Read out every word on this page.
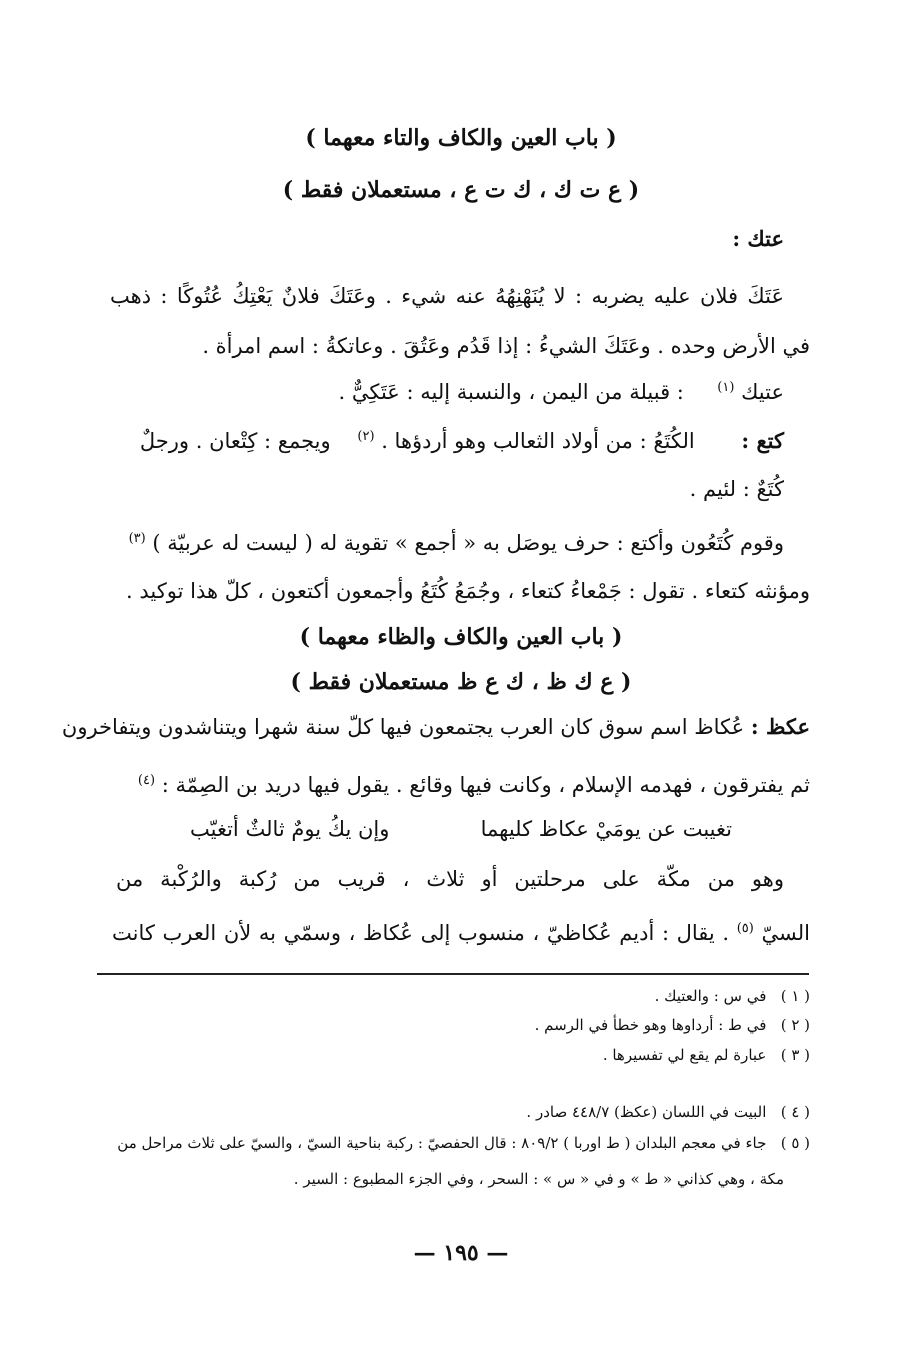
( باب العين والكاف والتاء معهما )
( ع ت ك ، ك ت ع ، مستعملان فقط )
عتك :
عَتَكَ فلان عليه يضربه : لا يُنَهْنِهُهُ عنه شيء . وعَتَكَ فلانٌ يَعْتِكُ عُتُوكًا : ذهب
في الأرض وحده . وعَتَكَ الشيءُ : إذا قَدُم وعَتُقَ . وعاتكةُ : اسم امرأة .
عتيك $^{(١)}$     : قبيلة من اليمن ، والنسبة إليه : عَتَكِيٌّ .
كتع :       الكُتَعُ : من أولاد الثعالب وهو أردؤها . $^{(٢)}$    ويجمع : كِتْعان . ورجلٌ
كُتَعٌ : لئيم .
وقوم كُتَعُون وأكتع : حرف يوصَل به « أجمع » تقوية له ( ليست له عربيّة ) $^{(٣)}$
ومؤنثه كتعاء . تقول : جَمْعاءُ كتعاء ، وجُمَعُ كُتَعُ وأجمعون أكتعون ، كلّ هذا توكيد .
( باب العين والكاف والظاء معهما )
( ع ك ظ ، ك ع ظ مستعملان فقط )
عكظ : عُكاظ اسم سوق كان العرب يجتمعون فيها كلّ سنة شهرا ويتناشدون ويتفاخرون
ثم يفترقون ، فهدمه الإسلام ، وكانت فيها وقائع . يقول فيها دريد بن الصِمّة : $^{(٤)}$
تغيبت عن يومَيْ عكاظ كليهما
وإن يكُ يومٌ ثالثٌ أتغيّب
وهو من مكّة على مرحلتين أو ثلاث ، قريب من رُكبة والرُكْبة من
السيّ $^{(٥)}$ . يقال : أديم عُكاظيّ ، منسوب إلى عُكاظ ، وسمّي به لأن العرب كانت
( ١ )   في س : والعتيك .
( ٢ )   في ط : أرداوها وهو خطأ في الرسم .
( ٣ )   عبارة لم يقع لي تفسيرها .
( ٤ )   البيت في اللسان (عكظ) ٤٤٨/٧ صادر .
( ٥ )   جاء في معجم البلدان ( ط اوربا ) ٨٠٩/٢ : قال الحفصيّ : ركبة بناحية السيّ ، والسيّ على ثلاث مراحل من
مكة ، وهي كذاني « ط » و في « س » : السحر ، وفي الجزء المطبوع : السير .
— ١٩٥ —
